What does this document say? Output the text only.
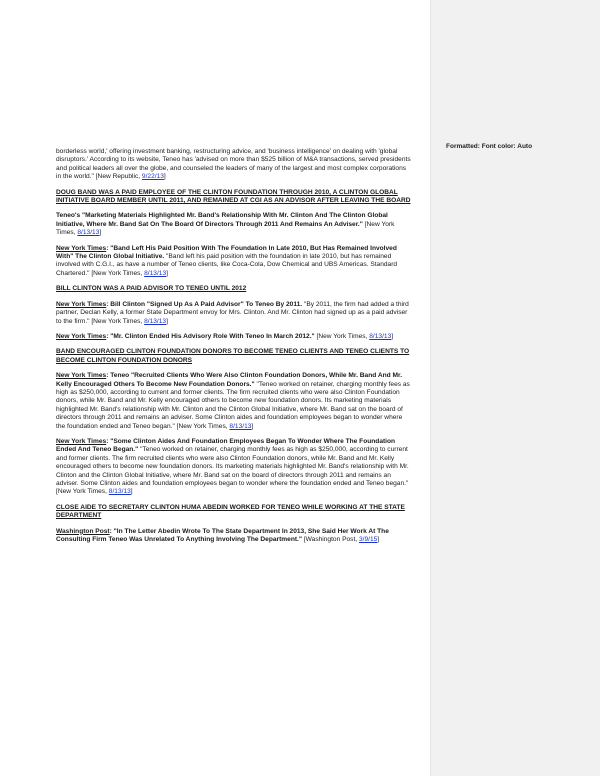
Formatted: Font color: Auto

borderless world,' offering investment banking, restructuring advice, and 'business intelligence' on dealing with 'global disruptors.' According to its website, Teneo has 'advised on more than $525 billion of M&A transactions, served presidents and political leaders all over the globe, and counseled the leaders of many of the largest and most complex corporations in the world." [New Republic, 9/22/13]

DOUG BAND WAS A PAID EMPLOYEE OF THE CLINTON FOUNDATION THROUGH 2010, A CLINTON GLOBAL INITIATIVE BOARD MEMBER UNTIL 2011, AND REMAINED AT CGI AS AN ADVISOR AFTER LEAVING THE BOARD

Teneo's "Marketing Materials Highlighted Mr. Band's Relationship With Mr. Clinton And The Clinton Global Initiative, Where Mr. Band Sat On The Board Of Directors Through 2011 And Remains An Adviser." [New York Times, 8/13/13]

New York Times: "Band Left His Paid Position With The Foundation In Late 2010, But Has Remained Involved With" The Clinton Global Initiative. "Band left his paid position with the foundation in late 2010, but has remained involved with C.G.I., as have a number of Teneo clients, like Coca-Cola, Dow Chemical and UBS Americas. Standard Chartered." [New York Times, 8/13/13]

BILL CLINTON WAS A PAID ADVISOR TO TENEO UNTIL 2012

New York Times: Bill Clinton "Signed Up As A Paid Advisor" To Teneo By 2011. "By 2011, the firm had added a third partner, Declan Kelly, a former State Department envoy for Mrs. Clinton. And Mr. Clinton had signed up as a paid adviser to the firm." [New York Times, 8/13/13]

New York Times: "Mr. Clinton Ended His Advisory Role With Teneo In March 2012." [New York Times, 8/13/13]

BAND ENCOURAGED CLINTON FOUNDATION DONORS TO BECOME TENEO CLIENTS AND TENEO CLIENTS TO BECOME CLINTON FOUNDATION DONORS

New York Times: Teneo "Recruited Clients Who Were Also Clinton Foundation Donors, While Mr. Band And Mr. Kelly Encouraged Others To Become New Foundation Donors." "Teneo worked on retainer, charging monthly fees as high as $250,000, according to current and former clients. The firm recruited clients who were also Clinton Foundation donors, while Mr. Band and Mr. Kelly encouraged others to become new foundation donors. Its marketing materials highlighted Mr. Band's relationship with Mr. Clinton and the Clinton Global Initiative, where Mr. Band sat on the board of directors through 2011 and remains an adviser. Some Clinton aides and foundation employees began to wonder where the foundation ended and Teneo began." [New York Times, 8/13/13]

New York Times: "Some Clinton Aides And Foundation Employees Began To Wonder Where The Foundation Ended And Teneo Began." "Teneo worked on retainer, charging monthly fees as high as $250,000, according to current and former clients. The firm recruited clients who were also Clinton Foundation donors, while Mr. Band and Mr. Kelly encouraged others to become new foundation donors. Its marketing materials highlighted Mr. Band's relationship with Mr. Clinton and the Clinton Global Initiative, where Mr. Band sat on the board of directors through 2011 and remains an adviser. Some Clinton aides and foundation employees began to wonder where the foundation ended and Teneo began." [New York Times, 8/13/13]

CLOSE AIDE TO SECRETARY CLINTON HUMA ABEDIN WORKED FOR TENEO WHILE WORKING AT THE STATE DEPARTMENT

Washington Post: "In The Letter Abedin Wrote To The State Department In 2013, She Said Her Work At The Consulting Firm Teneo Was Unrelated To Anything Involving The Department." [Washington Post, 3/9/15]
